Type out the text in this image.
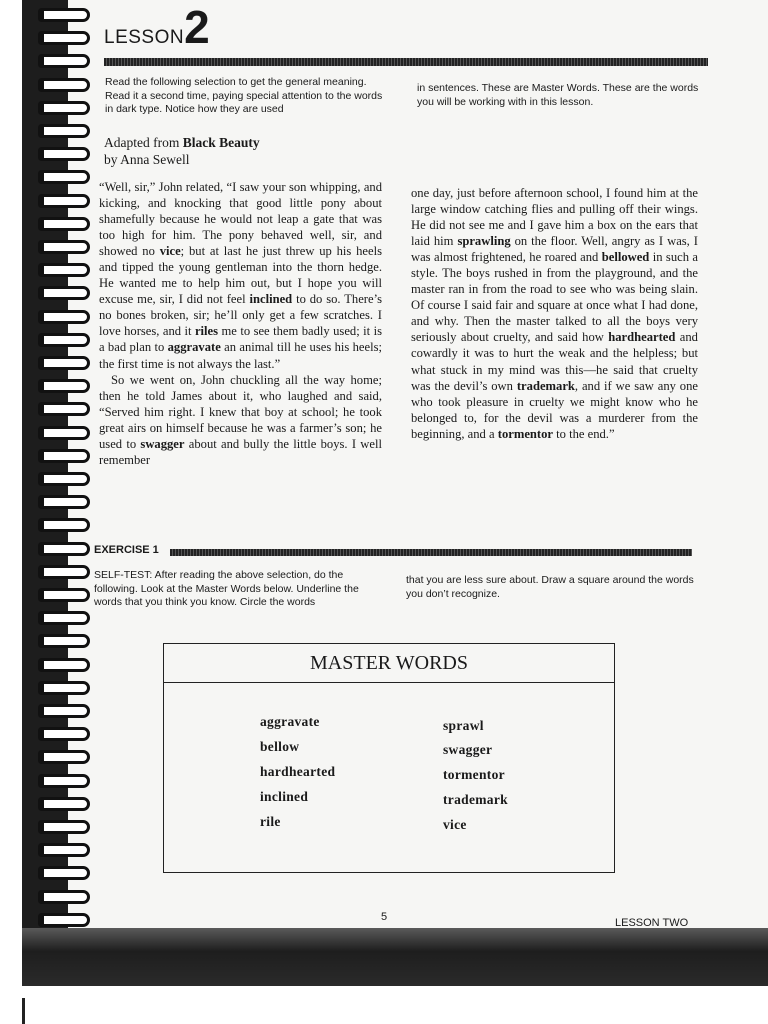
LESSON2
Read the following selection to get the general meaning. Read it a second time, paying special attention to the words in dark type. Notice how they are used
in sentences. These are Master Words. These are the words you will be working with in this lesson.
Adapted from Black Beauty
by Anna Sewell

“Well, sir,” John related, “I saw your son whipping, and kicking, and knocking that good little pony about shamefully because he would not leap a gate that was too high for him. The pony behaved well, sir, and showed no vice; but at last he just threw up his heels and tipped the young gentleman into the thorn hedge. He wanted me to help him out, but I hope you will excuse me, sir, I did not feel inclined to do so. There’s no bones broken, sir; he’ll only get a few scratches. I love horses, and it riles me to see them badly used; it is a bad plan to aggravate an animal till he uses his heels; the first time is not always the last.”

So we went on, John chuckling all the way home; then he told James about it, who laughed and said, “Served him right. I knew that boy at school; he took great airs on himself because he was a farmer’s son; he used to swagger about and bully the little boys. I well remember

one day, just before afternoon school, I found him at the large window catching flies and pulling off their wings. He did not see me and I gave him a box on the ears that laid him sprawling on the floor. Well, angry as I was, I was almost frightened, he roared and bellowed in such a style. The boys rushed in from the playground, and the master ran in from the road to see who was being slain. Of course I said fair and square at once what I had done, and why. Then the master talked to all the boys very seriously about cruelty, and said how hardhearted and cowardly it was to hurt the weak and the helpless; but what stuck in my mind was this—he said that cruelty was the devil’s own trademark, and if we saw any one who took pleasure in cruelty we might know who he belonged to, for the devil was a murderer from the beginning, and a tormentor to the end.”

EXERCISE 1
SELF-TEST: After reading the above selection, do the following. Look at the Master Words below. Underline the words that you think you know. Circle the words
that you are less sure about. Draw a square around the words you don’t recognize.
MASTER WORDS
aggravate
bellow
hardhearted
inclined
rile
sprawl
swagger
tormentor
trademark
vice
5	LESSON TWO
